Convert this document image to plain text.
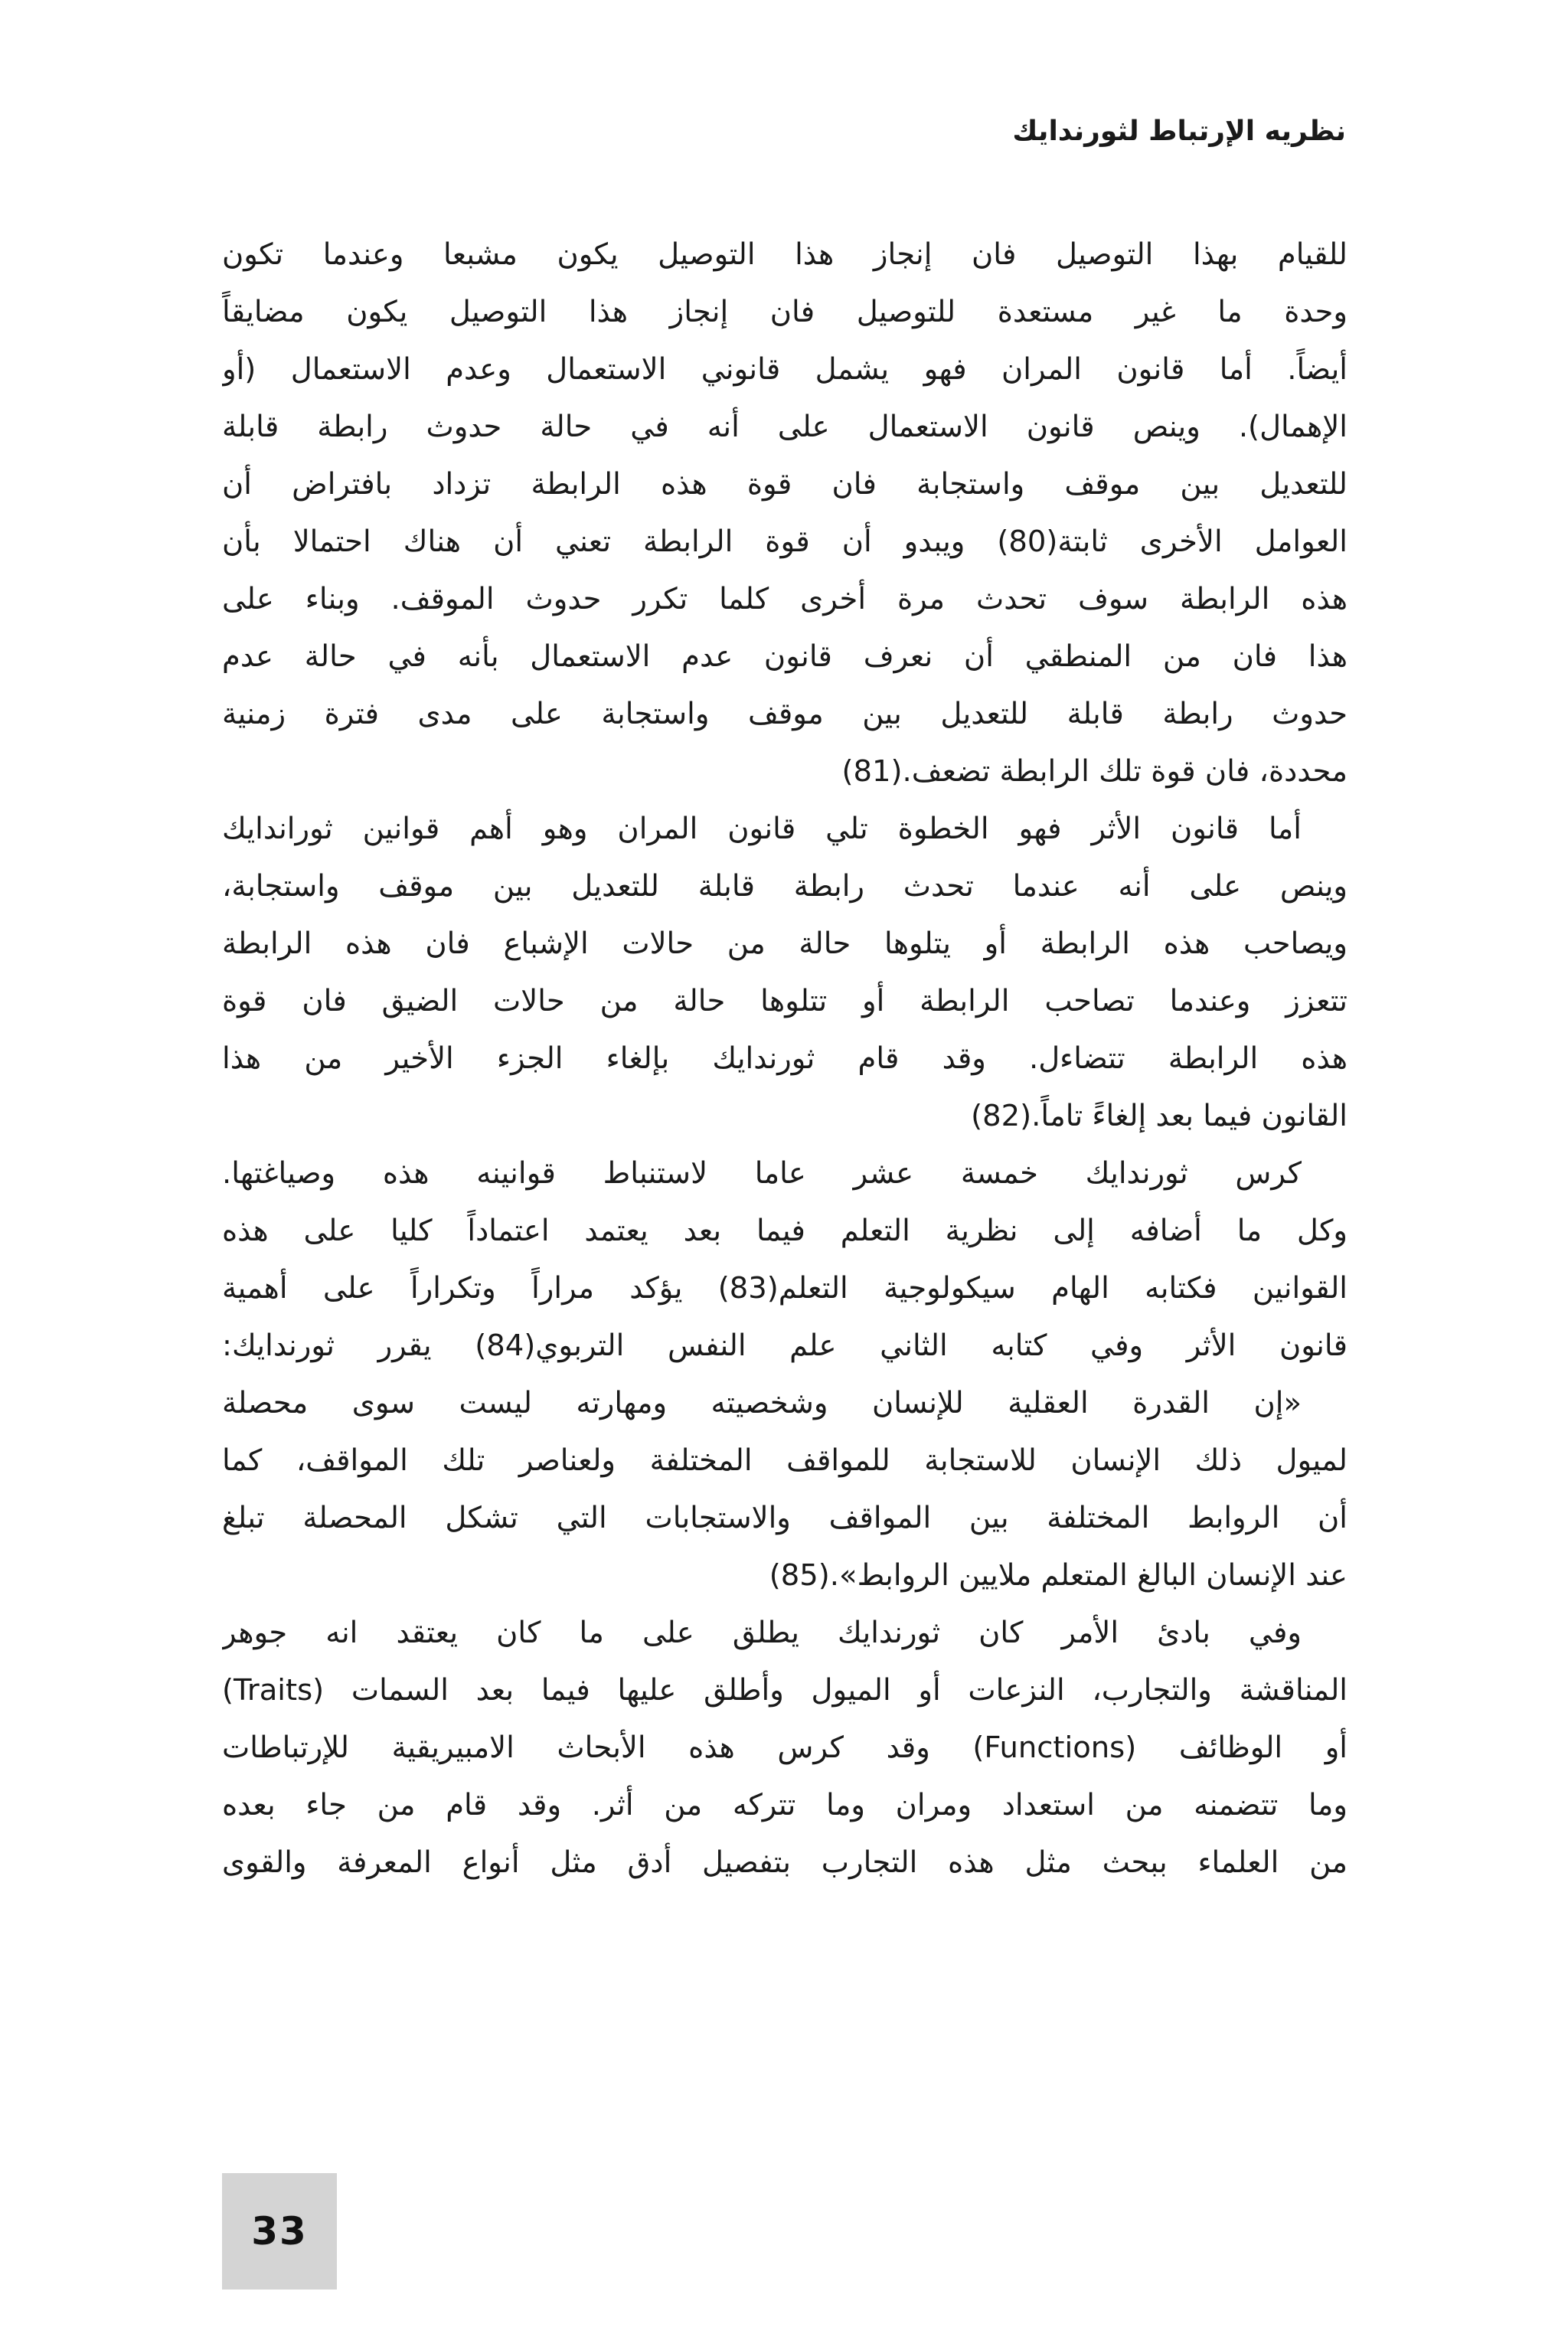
نظريه الإرتباط لثورندايك
للقيام بهذا التوصيل فان إنجاز هذا التوصيل يكون مشبعا وعندما تكون
وحدة ما غير مستعدة للتوصيل فان إنجاز هذا التوصيل يكون مضايقاً
أيضاً. أما قانون المران فهو يشمل قانوني الاستعمال وعدم الاستعمال (أو
الإهمال). وينص قانون الاستعمال على أنه في حالة حدوث رابطة قابلة
للتعديل بين موقف واستجابة فان قوة هذه الرابطة تزداد بافتراض أن
العوامل الأخرى ثابتة(80) ويبدو أن قوة الرابطة تعني أن هناك احتمالا بأن
هذه الرابطة سوف تحدث مرة أخرى كلما تكرر حدوث الموقف. وبناء على
هذا فان من المنطقي أن نعرف قانون عدم الاستعمال بأنه في حالة عدم
حدوث رابطة قابلة للتعديل بين موقف واستجابة على مدى فترة زمنية
محددة، فان قوة تلك الرابطة تضعف.(81)
أما قانون الأثر فهو الخطوة تلي قانون المران وهو أهم قوانين ثوراندايك
وينص على أنه عندما تحدث رابطة قابلة للتعديل بين موقف واستجابة،
ويصاحب هذه الرابطة أو يتلوها حالة من حالات الإشباع فان هذه الرابطة
تتعزز وعندما تصاحب الرابطة أو تتلوها حالة من حالات الضيق فان قوة
هذه الرابطة تتضاءل. وقد قام ثورندايك بإلغاء الجزء الأخير من هذا
القانون فيما بعد إلغاءً تاماً.(82)
كرس ثورندايك خمسة عشر عاما لاستنباط قوانينه هذه وصياغتها.
وكل ما أضافه إلى نظرية التعلم فيما بعد يعتمد اعتماداً كليا على هذه
القوانين فكتابه الهام سيكولوجية التعلم(83) يؤكد مراراً وتكراراً على أهمية
قانون الأثر وفي كتابه الثاني علم النفس التربوي(84) يقرر ثورندايك:
«إن القدرة العقلية للإنسان وشخصيته ومهارته ليست سوى محصلة
لميول ذلك الإنسان للاستجابة للمواقف المختلفة ولعناصر تلك المواقف، كما
أن الروابط المختلفة بين المواقف والاستجابات التي تشكل المحصلة تبلغ
عند الإنسان البالغ المتعلم ملايين الروابط».(85)
وفي بادئ الأمر كان ثورندايك يطلق على ما كان يعتقد انه جوهر
المناقشة والتجارب، النزعات أو الميول وأطلق عليها فيما بعد السمات (Traits)
أو الوظائف (Functions) وقد كرس هذه الأبحاث الامبيريقية للإرتباطات
وما تتضمنه من استعداد ومران وما تتركه من أثر. وقد قام من جاء بعده
من العلماء ببحث مثل هذه التجارب بتفصيل أدق مثل أنواع المعرفة والقوى
33
